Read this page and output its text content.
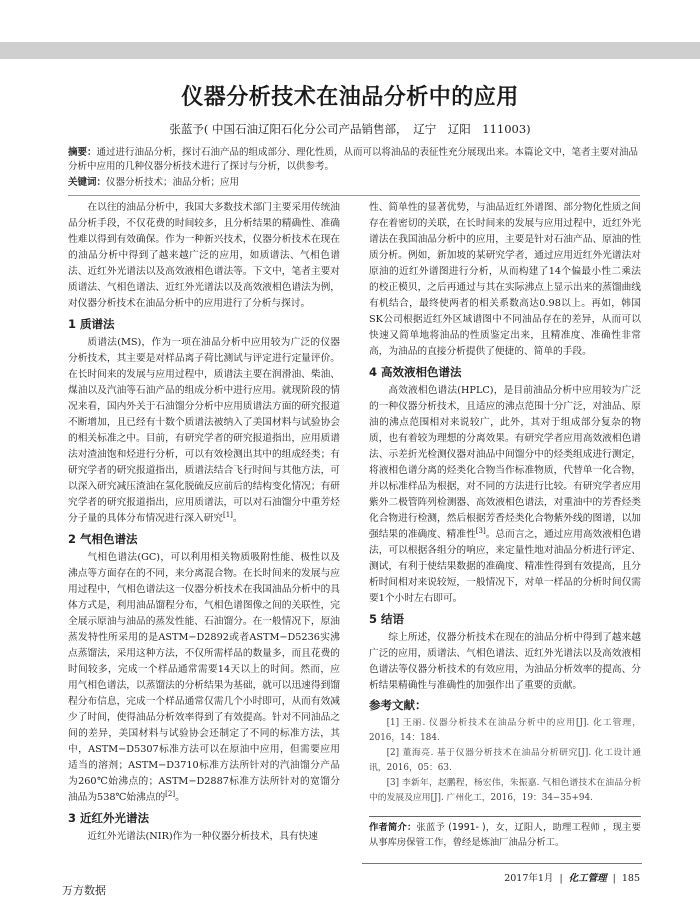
仪器分析技术在油品分析中的应用
张蓝予( 中国石油辽阳石化分公司产品销售部，　辽宁　辽阳　111003)
摘要：通过进行油品分析，探讨石油产品的组成部分、理化性质，从而可以将油品的表征性充分展现出来。本篇论文中，笔者主要对油品分析中应用的几种仪器分析技术进行了探讨与分析，以供参考。
关键词：仪器分析技术；油品分析；应用

在以往的油品分析中，我国大多数技术部门主要采用传统油品分析手段，不仅花费的时间较多，且分析结果的精确性、准确性难以得到有效确保。作为一种新兴技术，仪器分析技术在现在的油品分析中得到了越来越广泛的应用，如质谱法、气相色谱法、近红外光谱法以及高效液相色谱法等。下文中，笔者主要对质谱法、气相色谱法、近红外光谱法以及高效液相色谱法为例，对仪器分析技术在油品分析中的应用进行了分析与探讨。

1 质谱法

质谱法(MS)，作为一项在油品分析中应用较为广泛的仪器分析技术，其主要是对样品离子荷比测试与评定进行定量评价。在长时间来的发展与应用过程中，质谱法主要在润滑油、柴油、煤油以及汽油等石油产品的组成分析中进行应用。就现阶段的情况来看，国内外关于石油馏分分析中应用质谱法方面的研究报道不断增加，且已经有十数个质谱法被纳入了美国材料与试验协会的相关标准之中。目前，有研究学者的研究报道指出，应用质谱法对渣油饱和烃进行分析，可以有效检测出其中的组成经类；有研究学者的研究报道指出，质谱法结合飞行时间与其他方法，可以深入研究减压渣油在氢化脱硫反应前后的结构变化情况；有研究学者的研究报道指出，应用质谱法，可以对石油馏分中重芳烃分子量的具体分布情况进行深入研究[1]。

2 气相色谱法

气相色谱法(GC)，可以利用相关物质吸附性能、极性以及沸点等方面存在的不同，来分离混合物。在长时间来的发展与应用过程中，气相色谱法这一仪器分析技术在我国油品分析中的具体方式是，利用油品馏程分布，气相色谱图像之间的关联性，完全展示原油与油品的蒸发性能、石油馏分。在一般情况下，原油蒸发特性所采用的是ASTM−D2892或者ASTM−D5236实沸点蒸馏法，采用这种方法，不仅所需样品的数量多，而且花费的时间较多，完成一个样品通常需要14天以上的时间。然而，应用气相色谱法，以蒸馏法的分析结果为基础，就可以迅速得到馏程分布信息，完成一个样品通常仅需几个小时即可，从而有效减少了时间，使得油品分析效率得到了有效提高。针对不同油品之间的差异，美国材料与试验协会还制定了不同的标准方法，其中，ASTM−D5307标准方法可以在原油中应用，但需要应用适当的溶剂；ASTM−D3710标准方法所针对的汽油馏分产品为260℃始沸点的；ASTM−D2887标准方法所针对的宽馏分油品为538℃始沸点的[2]。

3 近红外光谱法

近红外光谱法(NIR)作为一种仪器分析技术，具有快速

性、简单性的显著优势，与油品近红外谱图、部分物化性质之间存在着密切的关联，在长时间来的发展与应用过程中，近红外光谱法在我国油品分析中的应用，主要是针对石油产品、原油的性质分析。例如，新加坡的某研究学者，通过应用近红外光谱法对原油的近红外谱图进行分析，从而构建了14个偏最小性二乘法的校正模贝，之后再通过与其在实际沸点上显示出来的蒸馏曲线有机结合，最终使两者的相关系数高达0.98以上。再如，韩国SK公司根据近红外区域谱图中不同油品存在的差异，从而可以快速又简单地将油品的性质鉴定出来，且精准度、准确性非常高，为油品的直接分析提供了便捷的、简单的手段。

4 高效液相色谱法

高效液相色谱法(HPLC)，是目前油品分析中应用较为广泛的一种仪器分析技术，且适应的沸点范围十分广泛，对油品、原油的沸点范围相对来说较广，此外，其对于组成部分复杂的物质，也有着较为理想的分离效果。有研究学者应用高效液相色谱法、示差折光检测仪器对油品中间馏分中的烃类组成进行测定，将液相色谱分离的烃类化合物当作标准物质，代替单一化合物，并以标准样品为根据，对不同的方法进行比较。有研究学者应用紫外二极管阵列检测器、高效液相色谱法，对重油中的芳香烃类化合物进行检测，然后根据芳香烃类化合物紫外线的图谱，以加强结果的准确度、精准性[3]。总而言之，通过应用高效液相色谱法，可以根据各组分的响应，来定量性地对油品分析进行评定、测试，有利于使结果数据的准确度、精准性得到有效提高，且分析时间相对来说较短，一般情况下，对单一样品的分析时间仅需要1个小时左右即可。

5 结语

综上所述，仪器分析技术在现在的油品分析中得到了越来越广泛的应用，质谱法、气相色谱法、近红外光谱法以及高效液相色谱法等仪器分析技术的有效应用，为油品分析效率的提高、分析结果精确性与准确性的加强作出了重要的贡献。

参考文献：

[1] 王丽. 仪器分析技术在油品分析中的应用[J]. 化工管理，2016，14：184.

[2] 董海亮. 基于仪器分析技术在油品分析研究[J]. 化工设计通讯，2016，05：63.

[3] 李新年，赵鹏程，杨宏伟，朱振嘉. 气相色谱技术在油品分析中的发展及应用[J]. 广州化工，2016，19：34−35+94.

作者简介：张蓝予 (1991- )，女，辽阳人，助理工程师 ，现主要从事库房保管工作，曾经是炼油厂油品分析工。
2017年1月 | 化工管理 | 185
万方数据
